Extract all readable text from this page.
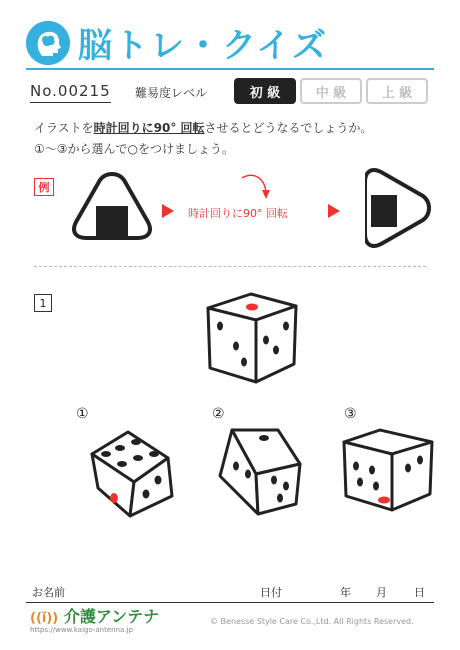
脳トレ・クイズ
No.00215 難易度レベル	初 級	中 級	上 級
イラストを時計回りに90° 回転させるとどうなるでしょうか。
①～③から選んで○をつけましょう。
例
時計回りに90° 回転
1
①	②	③
お名前	日付	年 月 日
((ǐ)) 介護アンテナ
https://www.kaigo-antenna.jp
© Benesse Style Care Co.,Ltd. All Rights Reserved.
